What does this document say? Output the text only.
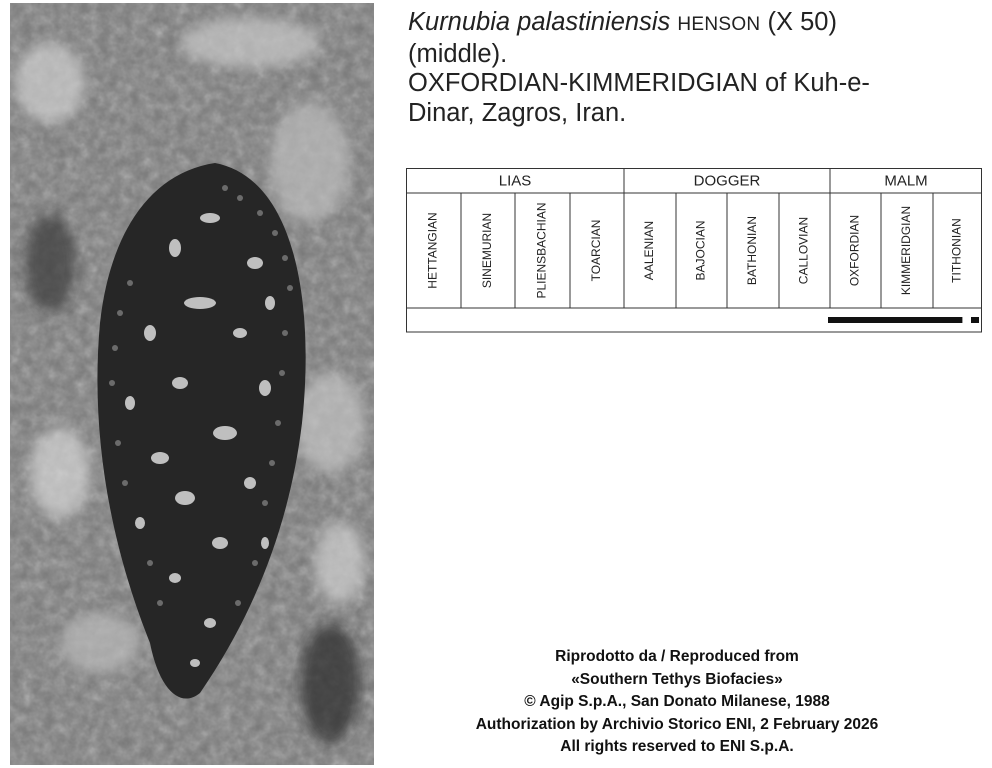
Kurnubia palastiniensis HENSON (X 50)
(middle).
OXFORDIAN-KIMMERIDGIAN of Kuh-e-
Dinar, Zagros, Iran.
HETTANGIAN	SINEMURIAN	PLIENSBACHIAN	TOARCIAN
LIAS
AALENIAN	BAJOCIAN	BATHONIAN	CALLOVIAN
DOGGER
OXFORDIAN	KIMMERIDGIAN	TITHONIAN
MALM
Riprodotto da / Reproduced from
«Southern Tethys Biofacies»
© Agip S.p.A., San Donato Milanese, 1988
Authorization by Archivio Storico ENI, 2 February 2026
All rights reserved to ENI S.p.A.
